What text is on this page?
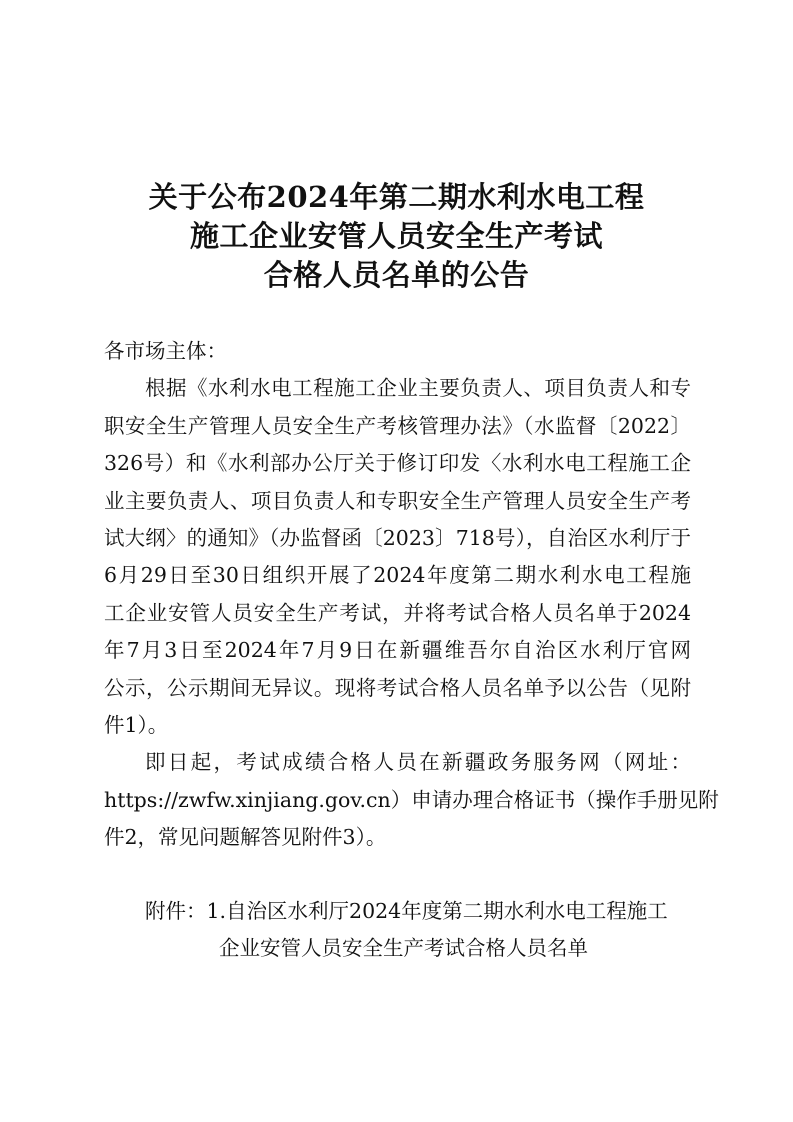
关于公布2024年第二期水利水电工程
施工企业安管人员安全生产考试
合格人员名单的公告
各市场主体：
根据《水利水电工程施工企业主要负责人、项目负责人和专
职安全生产管理人员安全生产考核管理办法》（水监督〔2022〕
326号）和《水利部办公厅关于修订印发〈水利水电工程施工企
业主要负责人、项目负责人和专职安全生产管理人员安全生产考
试大纲〉的通知》（办监督函〔2023〕718号），自治区水利厅于
6月29日至30日组织开展了2024年度第二期水利水电工程施
工企业安管人员安全生产考试，并将考试合格人员名单于2024
年7月3日至2024年7月9日在新疆维吾尔自治区水利厅官网
公示，公示期间无异议。现将考试合格人员名单予以公告（见附
件1）。
即日起，考试成绩合格人员在新疆政务服务网（网址：
https://zwfw.xinjiang.gov.cn）申请办理合格证书（操作手册见附
件2，常见问题解答见附件3）。
附件：1.自治区水利厅2024年度第二期水利水电工程施工
企业安管人员安全生产考试合格人员名单
